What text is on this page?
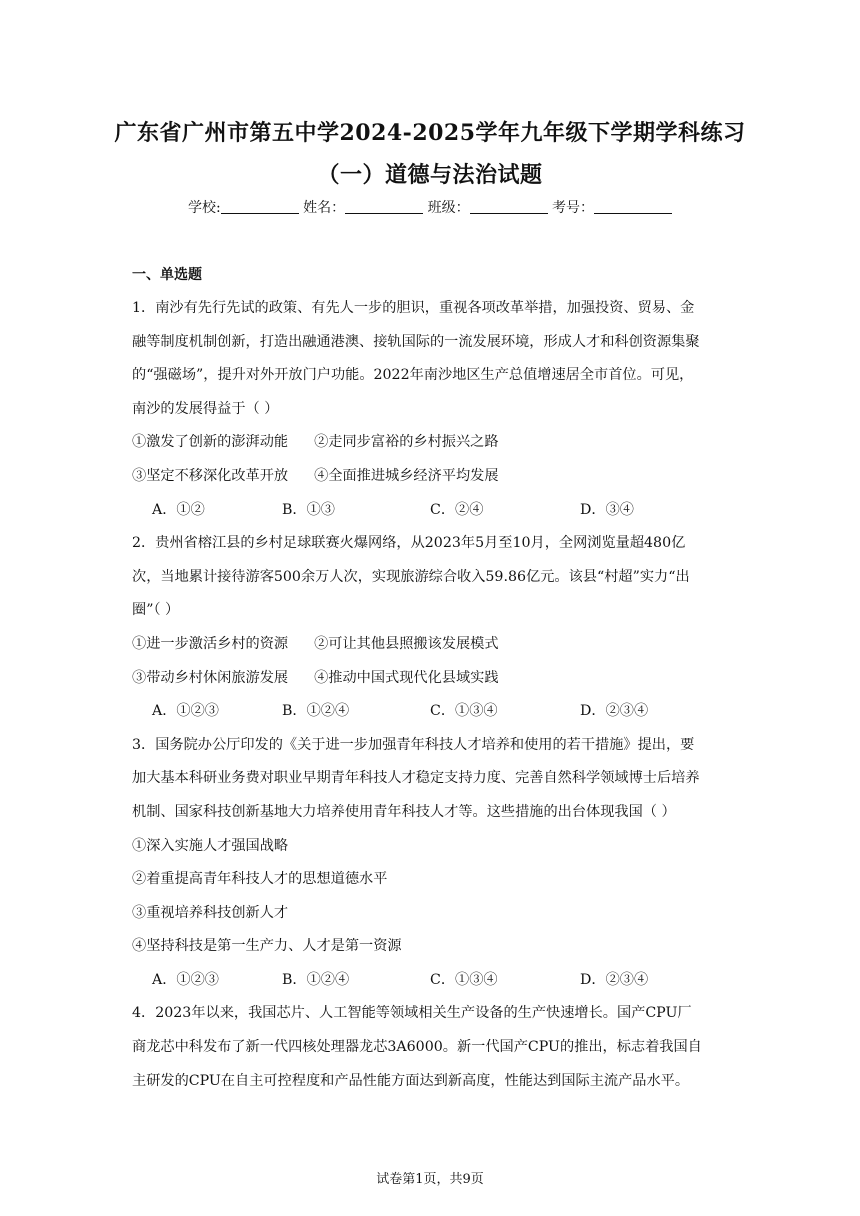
广东省广州市第五中学2024-2025学年九年级下学期学科练习
（一）道德与法治试题
学校:	姓名：	班级：	考号：
一、单选题
1．南沙有先行先试的政策、有先人一步的胆识，重视各项改革举措，加强投资、贸易、金
融等制度机制创新，打造出融通港澳、接轨国际的一流发展环境，形成人才和科创资源集聚
的“强磁场”，提升对外开放门户功能。2022年南沙地区生产总值增速居全市首位。可见，
南沙的发展得益于（ ）
①激发了创新的澎湃动能 ②走同步富裕的乡村振兴之路
③坚定不移深化改革开放 ④全面推进城乡经济平均发展
A．①②	B．①③	C．②④	D．③④
2．贵州省榕江县的乡村足球联赛火爆网络，从2023年5月至10月，全网浏览量超480亿
次，当地累计接待游客500余万人次，实现旅游综合收入59.86亿元。该县“村超”实力“出
圈”（ ）
①进一步激活乡村的资源 ②可让其他县照搬该发展模式
③带动乡村休闲旅游发展 ④推动中国式现代化县域实践
A．①②③	B．①②④	C．①③④	D．②③④
3．国务院办公厅印发的《关于进一步加强青年科技人才培养和使用的若干措施》提出，要
加大基本科研业务费对职业早期青年科技人才稳定支持力度、完善自然科学领域博士后培养
机制、国家科技创新基地大力培养使用青年科技人才等。这些措施的出台体现我国（ ）
①深入实施人才强国战略
②着重提高青年科技人才的思想道德水平
③重视培养科技创新人才
④坚持科技是第一生产力、人才是第一资源
A．①②③	B．①②④	C．①③④	D．②③④
4．2023年以来，我国芯片、人工智能等领域相关生产设备的生产快速增长。国产CPU厂
商龙芯中科发布了新一代四核处理器龙芯3A6000。新一代国产CPU的推出，标志着我国自
主研发的CPU在自主可控程度和产品性能方面达到新高度，性能达到国际主流产品水平。
试卷第1页，共9页
